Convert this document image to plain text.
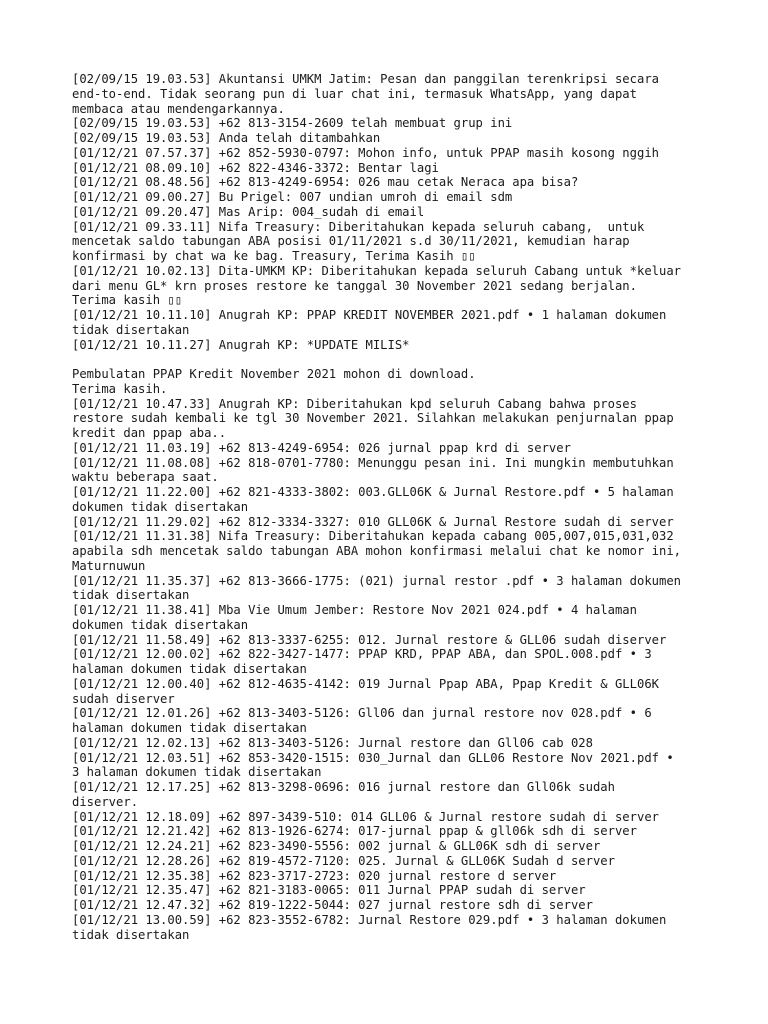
[02/09/15 19.03.53] Akuntansi UMKM Jatim: Pesan dan panggilan terenkripsi secara
end-to-end. Tidak seorang pun di luar chat ini, termasuk WhatsApp, yang dapat
membaca atau mendengarkannya.
[02/09/15 19.03.53] +62 813-3154-2609 telah membuat grup ini
[02/09/15 19.03.53] Anda telah ditambahkan
[01/12/21 07.57.37] +62 852-5930-0797: Mohon info, untuk PPAP masih kosong nggih
[01/12/21 08.09.10] +62 822-4346-3372: Bentar lagi
[01/12/21 08.48.56] +62 813-4249-6954: 026 mau cetak Neraca apa bisa?
[01/12/21 09.00.27] Bu Prigel: 007 undian umroh di email sdm
[01/12/21 09.20.47] Mas Arip: 004_sudah di email
[01/12/21 09.33.11] Nifa Treasury: Diberitahukan kepada seluruh cabang,  untuk
mencetak saldo tabungan ABA posisi 01/11/2021 s.d 30/11/2021, kemudian harap
konfirmasi by chat wa ke bag. Treasury, Terima Kasih ▯▯
[01/12/21 10.02.13] Dita-UMKM KP: Diberitahukan kepada seluruh Cabang untuk *keluar
dari menu GL* krn proses restore ke tanggal 30 November 2021 sedang berjalan.
Terima kasih ▯▯
[01/12/21 10.11.10] Anugrah KP: PPAP KREDIT NOVEMBER 2021.pdf • 1 halaman dokumen
tidak disertakan
[01/12/21 10.11.27] Anugrah KP: *UPDATE MILIS*
Pembulatan PPAP Kredit November 2021 mohon di download.
Terima kasih.
[01/12/21 10.47.33] Anugrah KP: Diberitahukan kpd seluruh Cabang bahwa proses
restore sudah kembali ke tgl 30 November 2021. Silahkan melakukan penjurnalan ppap
kredit dan ppap aba..
[01/12/21 11.03.19] +62 813-4249-6954: 026 jurnal ppap krd di server
[01/12/21 11.08.08] +62 818-0701-7780: Menunggu pesan ini. Ini mungkin membutuhkan
waktu beberapa saat.
[01/12/21 11.22.00] +62 821-4333-3802: 003.GLL06K & Jurnal Restore.pdf • 5 halaman
dokumen tidak disertakan
[01/12/21 11.29.02] +62 812-3334-3327: 010 GLL06K & Jurnal Restore sudah di server
[01/12/21 11.31.38] Nifa Treasury: Diberitahukan kepada cabang 005,007,015,031,032
apabila sdh mencetak saldo tabungan ABA mohon konfirmasi melalui chat ke nomor ini,
Maturnuwun
[01/12/21 11.35.37] +62 813-3666-1775: (021) jurnal restor .pdf • 3 halaman dokumen
tidak disertakan
[01/12/21 11.38.41] Mba Vie Umum Jember: Restore Nov 2021 024.pdf • 4 halaman
dokumen tidak disertakan
[01/12/21 11.58.49] +62 813-3337-6255: 012. Jurnal restore & GLL06 sudah diserver
[01/12/21 12.00.02] +62 822-3427-1477: PPAP KRD, PPAP ABA, dan SPOL.008.pdf • 3
halaman dokumen tidak disertakan
[01/12/21 12.00.40] +62 812-4635-4142: 019 Jurnal Ppap ABA, Ppap Kredit & GLL06K
sudah diserver
[01/12/21 12.01.26] +62 813-3403-5126: Gll06 dan jurnal restore nov 028.pdf • 6
halaman dokumen tidak disertakan
[01/12/21 12.02.13] +62 813-3403-5126: Jurnal restore dan Gll06 cab 028
[01/12/21 12.03.51] +62 853-3420-1515: 030_Jurnal dan GLL06 Restore Nov 2021.pdf •
3 halaman dokumen tidak disertakan
[01/12/21 12.17.25] +62 813-3298-0696: 016 jurnal restore dan Gll06k sudah
diserver.
[01/12/21 12.18.09] +62 897-3439-510: 014 GLL06 & Jurnal restore sudah di server
[01/12/21 12.21.42] +62 813-1926-6274: 017-jurnal ppap & gll06k sdh di server
[01/12/21 12.24.21] +62 823-3490-5556: 002 jurnal & GLL06K sdh di server
[01/12/21 12.28.26] +62 819-4572-7120: 025. Jurnal & GLL06K Sudah d server
[01/12/21 12.35.38] +62 823-3717-2723: 020 jurnal restore d server
[01/12/21 12.35.47] +62 821-3183-0065: 011 Jurnal PPAP sudah di server
[01/12/21 12.47.32] +62 819-1222-5044: 027 jurnal restore sdh di server
[01/12/21 13.00.59] +62 823-3552-6782: Jurnal Restore 029.pdf • 3 halaman dokumen
tidak disertakan
